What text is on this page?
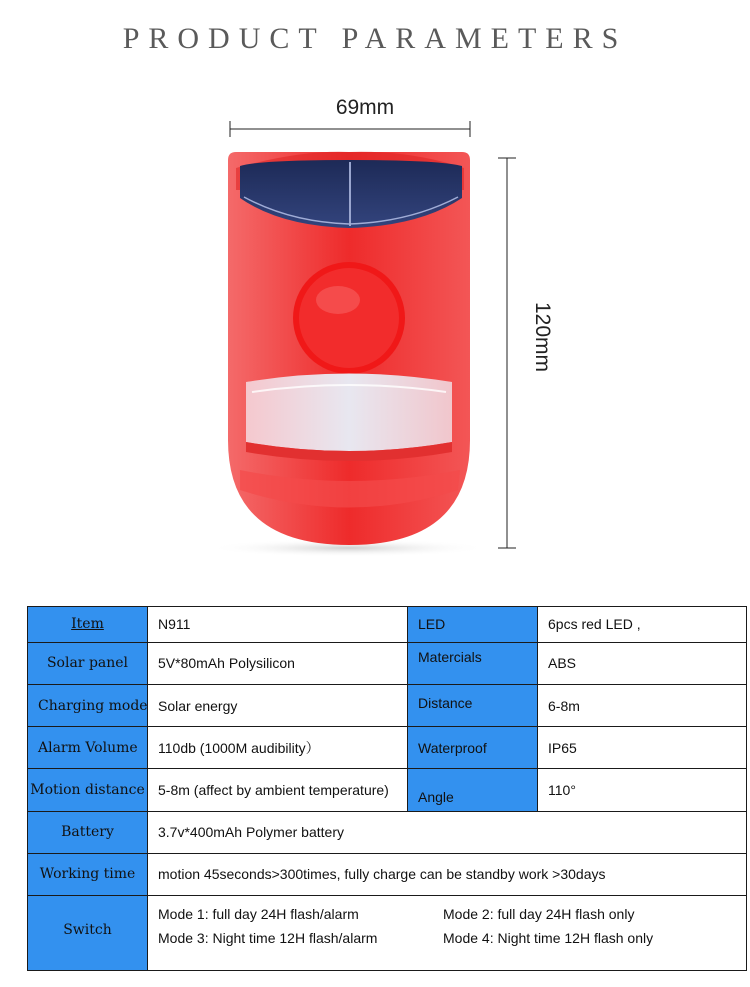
PRODUCT PARAMETERS
69mm
120mm
Item	N911	LED	6pcs red LED ,
Solar panel	5V*80mAh Polysilicon	Matercials	ABS
Charging mode	Solar energy	Distance	6-8m
Alarm Volume	110db (1000M audibility）	Waterproof	IP65
Motion distance	5-8m (affect by ambient temperature)	Angle	110°
Battery	3.7v*400mAh Polymer battery		
Working time	motion 45seconds>300times, fully charge can be standby work >30days		
Switch	Mode 1: full day 24H flash/alarm Mode 2: full day 24H flash only
Mode 3: Night time 12H flash/alarm Mode 4: Night time 12H flash only		
